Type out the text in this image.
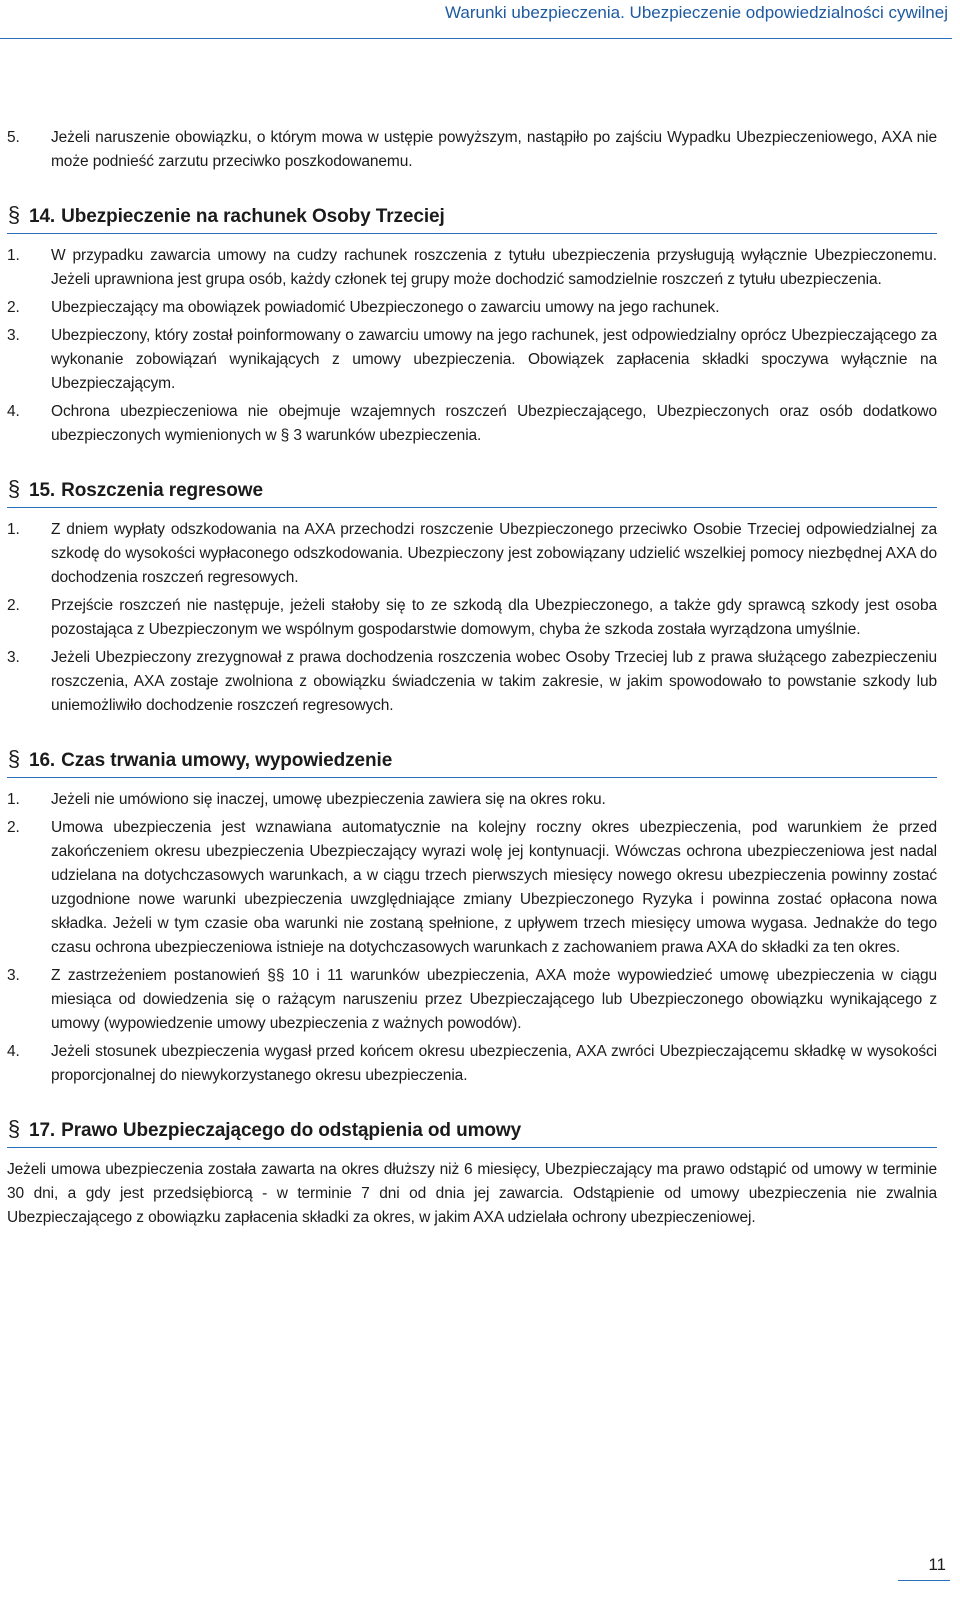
Warunki ubezpieczenia. Ubezpieczenie odpowiedzialności cywilnej
5. Jeżeli naruszenie obowiązku, o którym mowa w ustępie powyższym, nastąpiło po zajściu Wypadku Ubezpieczeniowego, AXA nie może podnieść zarzutu przeciwko poszkodowanemu.
§ 14. Ubezpieczenie na rachunek Osoby Trzeciej
1. W przypadku zawarcia umowy na cudzy rachunek roszczenia z tytułu ubezpieczenia przysługują wyłącznie Ubezpieczonemu. Jeżeli uprawniona jest grupa osób, każdy członek tej grupy może dochodzić samodzielnie roszczeń z tytułu ubezpieczenia.
2. Ubezpieczający ma obowiązek powiadomić Ubezpieczonego o zawarciu umowy na jego rachunek.
3. Ubezpieczony, który został poinformowany o zawarciu umowy na jego rachunek, jest odpowiedzialny oprócz Ubezpieczającego za wykonanie zobowiązań wynikających z umowy ubezpieczenia. Obowiązek zapłacenia składki spoczywa wyłącznie na Ubezpieczającym.
4. Ochrona ubezpieczeniowa nie obejmuje wzajemnych roszczeń Ubezpieczającego, Ubezpieczonych oraz osób dodatkowo ubezpieczonych wymienionych w § 3 warunków ubezpieczenia.
§ 15. Roszczenia regresowe
1. Z dniem wypłaty odszkodowania na AXA przechodzi roszczenie Ubezpieczonego przeciwko Osobie Trzeciej odpowiedzialnej za szkodę do wysokości wypłaconego odszkodowania. Ubezpieczony jest zobowiązany udzielić wszelkiej pomocy niezbędnej AXA do dochodzenia roszczeń regresowych.
2. Przejście roszczeń nie następuje, jeżeli stałoby się to ze szkodą dla Ubezpieczonego, a także gdy sprawcą szkody jest osoba pozostająca z Ubezpieczonym we wspólnym gospodarstwie domowym, chyba że szkoda została wyrządzona umyślnie.
3. Jeżeli Ubezpieczony zrezygnował z prawa dochodzenia roszczenia wobec Osoby Trzeciej lub z prawa służącego zabezpieczeniu roszczenia, AXA zostaje zwolniona z obowiązku świadczenia w takim zakresie, w jakim spowodowało to powstanie szkody lub uniemożliwiło dochodzenie roszczeń regresowych.
§ 16. Czas trwania umowy, wypowiedzenie
1. Jeżeli nie umówiono się inaczej, umowę ubezpieczenia zawiera się na okres roku.
2. Umowa ubezpieczenia jest wznawiana automatycznie na kolejny roczny okres ubezpieczenia, pod warunkiem że przed zakończeniem okresu ubezpieczenia Ubezpieczający wyrazi wolę jej kontynuacji. Wówczas ochrona ubezpieczeniowa jest nadal udzielana na dotychczasowych warunkach, a w ciągu trzech pierwszych miesięcy nowego okresu ubezpieczenia powinny zostać uzgodnione nowe warunki ubezpieczenia uwzględniające zmiany Ubezpieczonego Ryzyka i powinna zostać opłacona nowa składka. Jeżeli w tym czasie oba warunki nie zostaną spełnione, z upływem trzech miesięcy umowa wygasa. Jednakże do tego czasu ochrona ubezpieczeniowa istnieje na dotychczasowych warunkach z zachowaniem prawa AXA do składki za ten okres.
3. Z zastrzeżeniem postanowień §§ 10 i 11 warunków ubezpieczenia, AXA może wypowiedzieć umowę ubezpieczenia w ciągu miesiąca od dowiedzenia się o rażącym naruszeniu przez Ubezpieczającego lub Ubezpieczonego obowiązku wynikającego z umowy (wypowiedzenie umowy ubezpieczenia z ważnych powodów).
4. Jeżeli stosunek ubezpieczenia wygasł przed końcem okresu ubezpieczenia, AXA zwróci Ubezpieczającemu składkę w wysokości proporcjonalnej do niewykorzystanego okresu ubezpieczenia.
§ 17. Prawo Ubezpieczającego do odstąpienia od umowy
Jeżeli umowa ubezpieczenia została zawarta na okres dłuższy niż 6 miesięcy, Ubezpieczający ma prawo odstąpić od umowy w terminie 30 dni, a gdy jest przedsiębiorcą - w terminie 7 dni od dnia jej zawarcia. Odstąpienie od umowy ubezpieczenia nie zwalnia Ubezpieczającego z obowiązku zapłacenia składki za okres, w jakim AXA udzielała ochrony ubezpieczeniowej.
11
